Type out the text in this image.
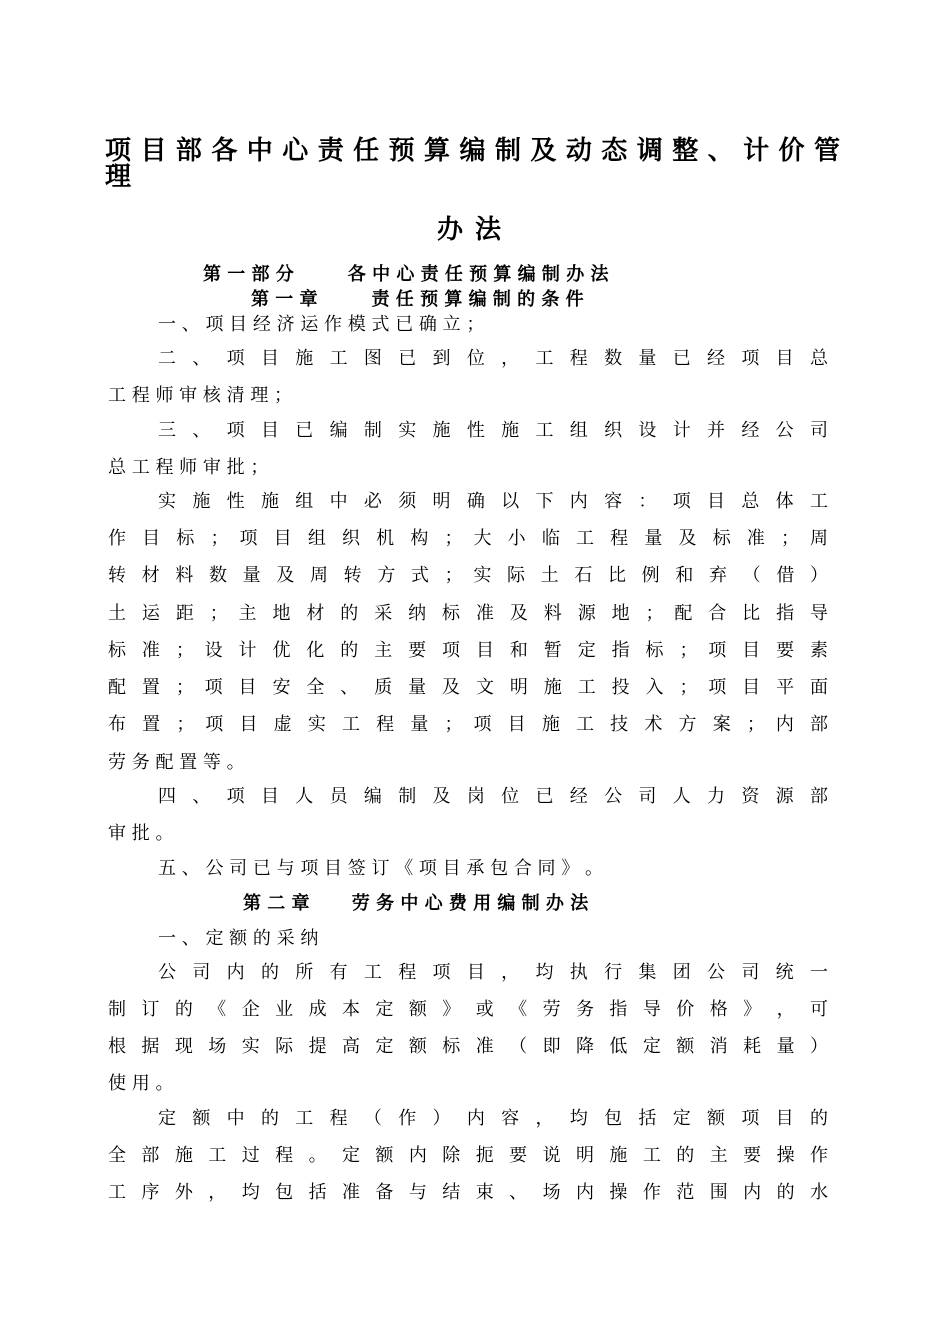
项 目 部 各 中 心 责 任 预 算 编 制 及 动 态 调 整 、 计 价 管 理
办法
第 一 部 分　　　各 中 心 责 任 预 算 编 制 办 法
第 一 章　　　责 任 预 算 编 制 的 条 件
一 、 项 目 经 济 运 作 模 式 已 确 立 ；
二 、 项 目 施 工 图 已 到 位 ， 工 程 数 量 已 经 项 目 总
工 程 师 审 核 清 理 ；
三 、 项 目 已 编 制 实 施 性 施 工 组 织 设 计 并 经 公 司
总 工 程 师 审 批 ；
实 施 性 施 组 中 必 须 明 确 以 下 内 容 ： 项 目 总 体 工
作 目 标 ； 项 目 组 织 机 构 ； 大 小 临 工 程 量 及 标 准 ； 周
转 材 料 数 量 及 周 转 方 式 ； 实 际 土 石 比 例 和 弃 （ 借 ）
土 运 距 ； 主 地 材 的 采 纳 标 准 及 料 源 地 ； 配 合 比 指 导
标 准 ； 设 计 优 化 的 主 要 项 目 和 暂 定 指 标 ； 项 目 要 素
配 置 ； 项 目 安 全 、 质 量 及 文 明 施 工 投 入 ； 项 目 平 面
布 置 ； 项 目 虚 实 工 程 量 ； 项 目 施 工 技 术 方 案 ； 内 部
劳 务 配 置 等 。
四 、 项 目 人 员 编 制 及 岗 位 已 经 公 司 人 力 资 源 部
审 批 。
五 、 公 司 已 与 项 目 签 订 《 项 目 承 包 合 同 》 。
第 二 章　　 劳 务 中 心 费 用 编 制 办 法
一 、 定 额 的 采 纳
公 司 内 的 所 有 工 程 项 目 ， 均 执 行 集 团 公 司 统 一
制 订 的 《 企 业 成 本 定 额 》 或 《 劳 务 指 导 价 格 》 ， 可
根 据 现 场 实 际 提 高 定 额 标 准 （ 即 降 低 定 额 消 耗 量 ）
使 用 。
定 额 中 的 工 程 （ 作 ） 内 容 ， 均 包 括 定 额 项 目 的
全 部 施 工 过 程 。 定 额 内 除 扼 要 说 明 施 工 的 主 要 操 作
工 序 外 ， 均 包 括 准 备 与 结 束 、 场 内 操 作 范 围 内 的 水
